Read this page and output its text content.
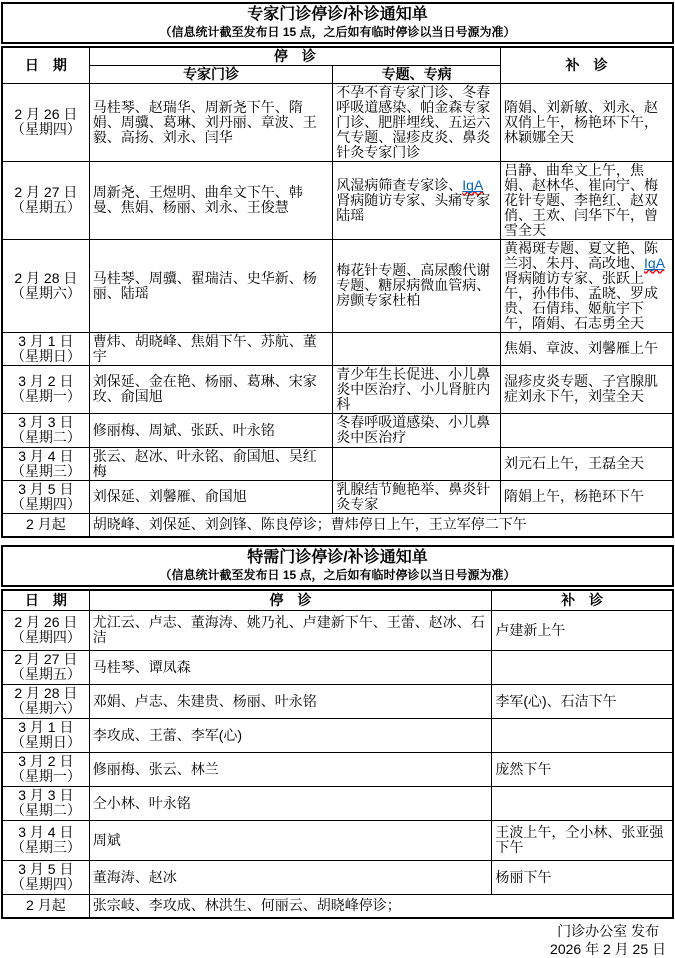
专家门诊停诊/补诊通知单
（信息统计截至发布日 15 点，之后如有临时停诊以当日号源为准）
日　期	停　诊		补　诊
	专家门诊	专题、专病	

2 月 26 日
（星期四）	马桂琴、赵瑞华、周新尧下午、隋娟、周骥、葛琳、刘丹丽、章波、王毅、高扬、刘永、闫华	不孕不育专家门诊、冬春呼吸道感染、帕金森专家门诊、肥胖埋线、五运六气专题、湿疹皮炎、鼻炎针灸专家门诊	隋娟、刘新敏、刘永、赵双俏上午，杨艳环下午，林颖娜全天

2 月 27 日
（星期五）	周新尧、王煜明、曲牟文下午、韩曼、焦娟、杨丽、刘永、王俊慧	风湿病筛查专家诊、IgA肾病随访专家、头痛专家陆瑶	吕静、曲牟文上午，焦娟、赵林华、崔向宁、梅花针专题、李艳红、赵双俏、王欢、闫华下午，曾雪全天

2 月 28 日
（星期六）	马桂琴、周骥、翟瑞洁、史华新、杨丽、陆瑶	梅花针专题、高尿酸代谢专题、糖尿病微血管病、房颤专家杜柏	黄褐斑专题、夏文艳、陈兰羽、朱丹、高改地、IgA 肾病随访专家、张跃上午，孙伟伟、孟晓、罗成贵、石倩玮、姬航宇下午，隋娟、石志勇全天

3 月 1 日
（星期日）	曹炜、胡晓峰、焦娟下午、苏航、董宇		焦娟、章波、刘馨雁上午

3 月 2 日
（星期一）	刘保延、金在艳、杨丽、葛琳、宋家玫、俞国旭	青少年生长促进、小儿鼻炎中医治疗、小儿肾脏内科	湿疹皮炎专题、子宫腺肌症刘永下午，刘莹全天

3 月 3 日
（星期二）	修丽梅、周斌、张跃、叶永铭	冬春呼吸道感染、小儿鼻炎中医治疗	

3 月 4 日
（星期三）	张云、赵冰、叶永铭、俞国旭、吴红梅		刘元石上午，王磊全天

3 月 5 日
（星期四）	刘保延、刘馨雁、俞国旭	乳腺结节鲍艳举、鼻炎针灸专家	隋娟上午，杨艳环下午
2 月起	胡晓峰、刘保延、刘剑锋、陈良停诊；曹炜停日上午，王立军停二下午		
特需门诊停诊/补诊通知单
（信息统计截至发布日 15 点，之后如有临时停诊以当日号源为准）
日　期	停　诊	补　诊

2 月 26 日
（星期四）	尤江云、卢志、董海涛、姚乃礼、卢建新下午、王蕾、赵冰、石洁	卢建新上午

2 月 27 日
（星期五）	马桂琴、谭凤森	

2 月 28 日
（星期六）	邓娟、卢志、朱建贵、杨丽、叶永铭	李军(心)、石洁下午

3 月 1 日
（星期日）	李攻成、王蕾、李军(心)	

3 月 2 日
（星期一）	修丽梅、张云、林兰	庞然下午

3 月 3 日
（星期二）	仝小林、叶永铭	

3 月 4 日
（星期三）	周斌	王波上午，仝小林、张亚强下午

3 月 5 日
（星期四）	董海涛、赵冰	杨丽下午
2 月起	张宗岐、李攻成、林洪生、何丽云、胡晓峰停诊；	
门诊办公室 发布
2026 年 2 月 25 日
